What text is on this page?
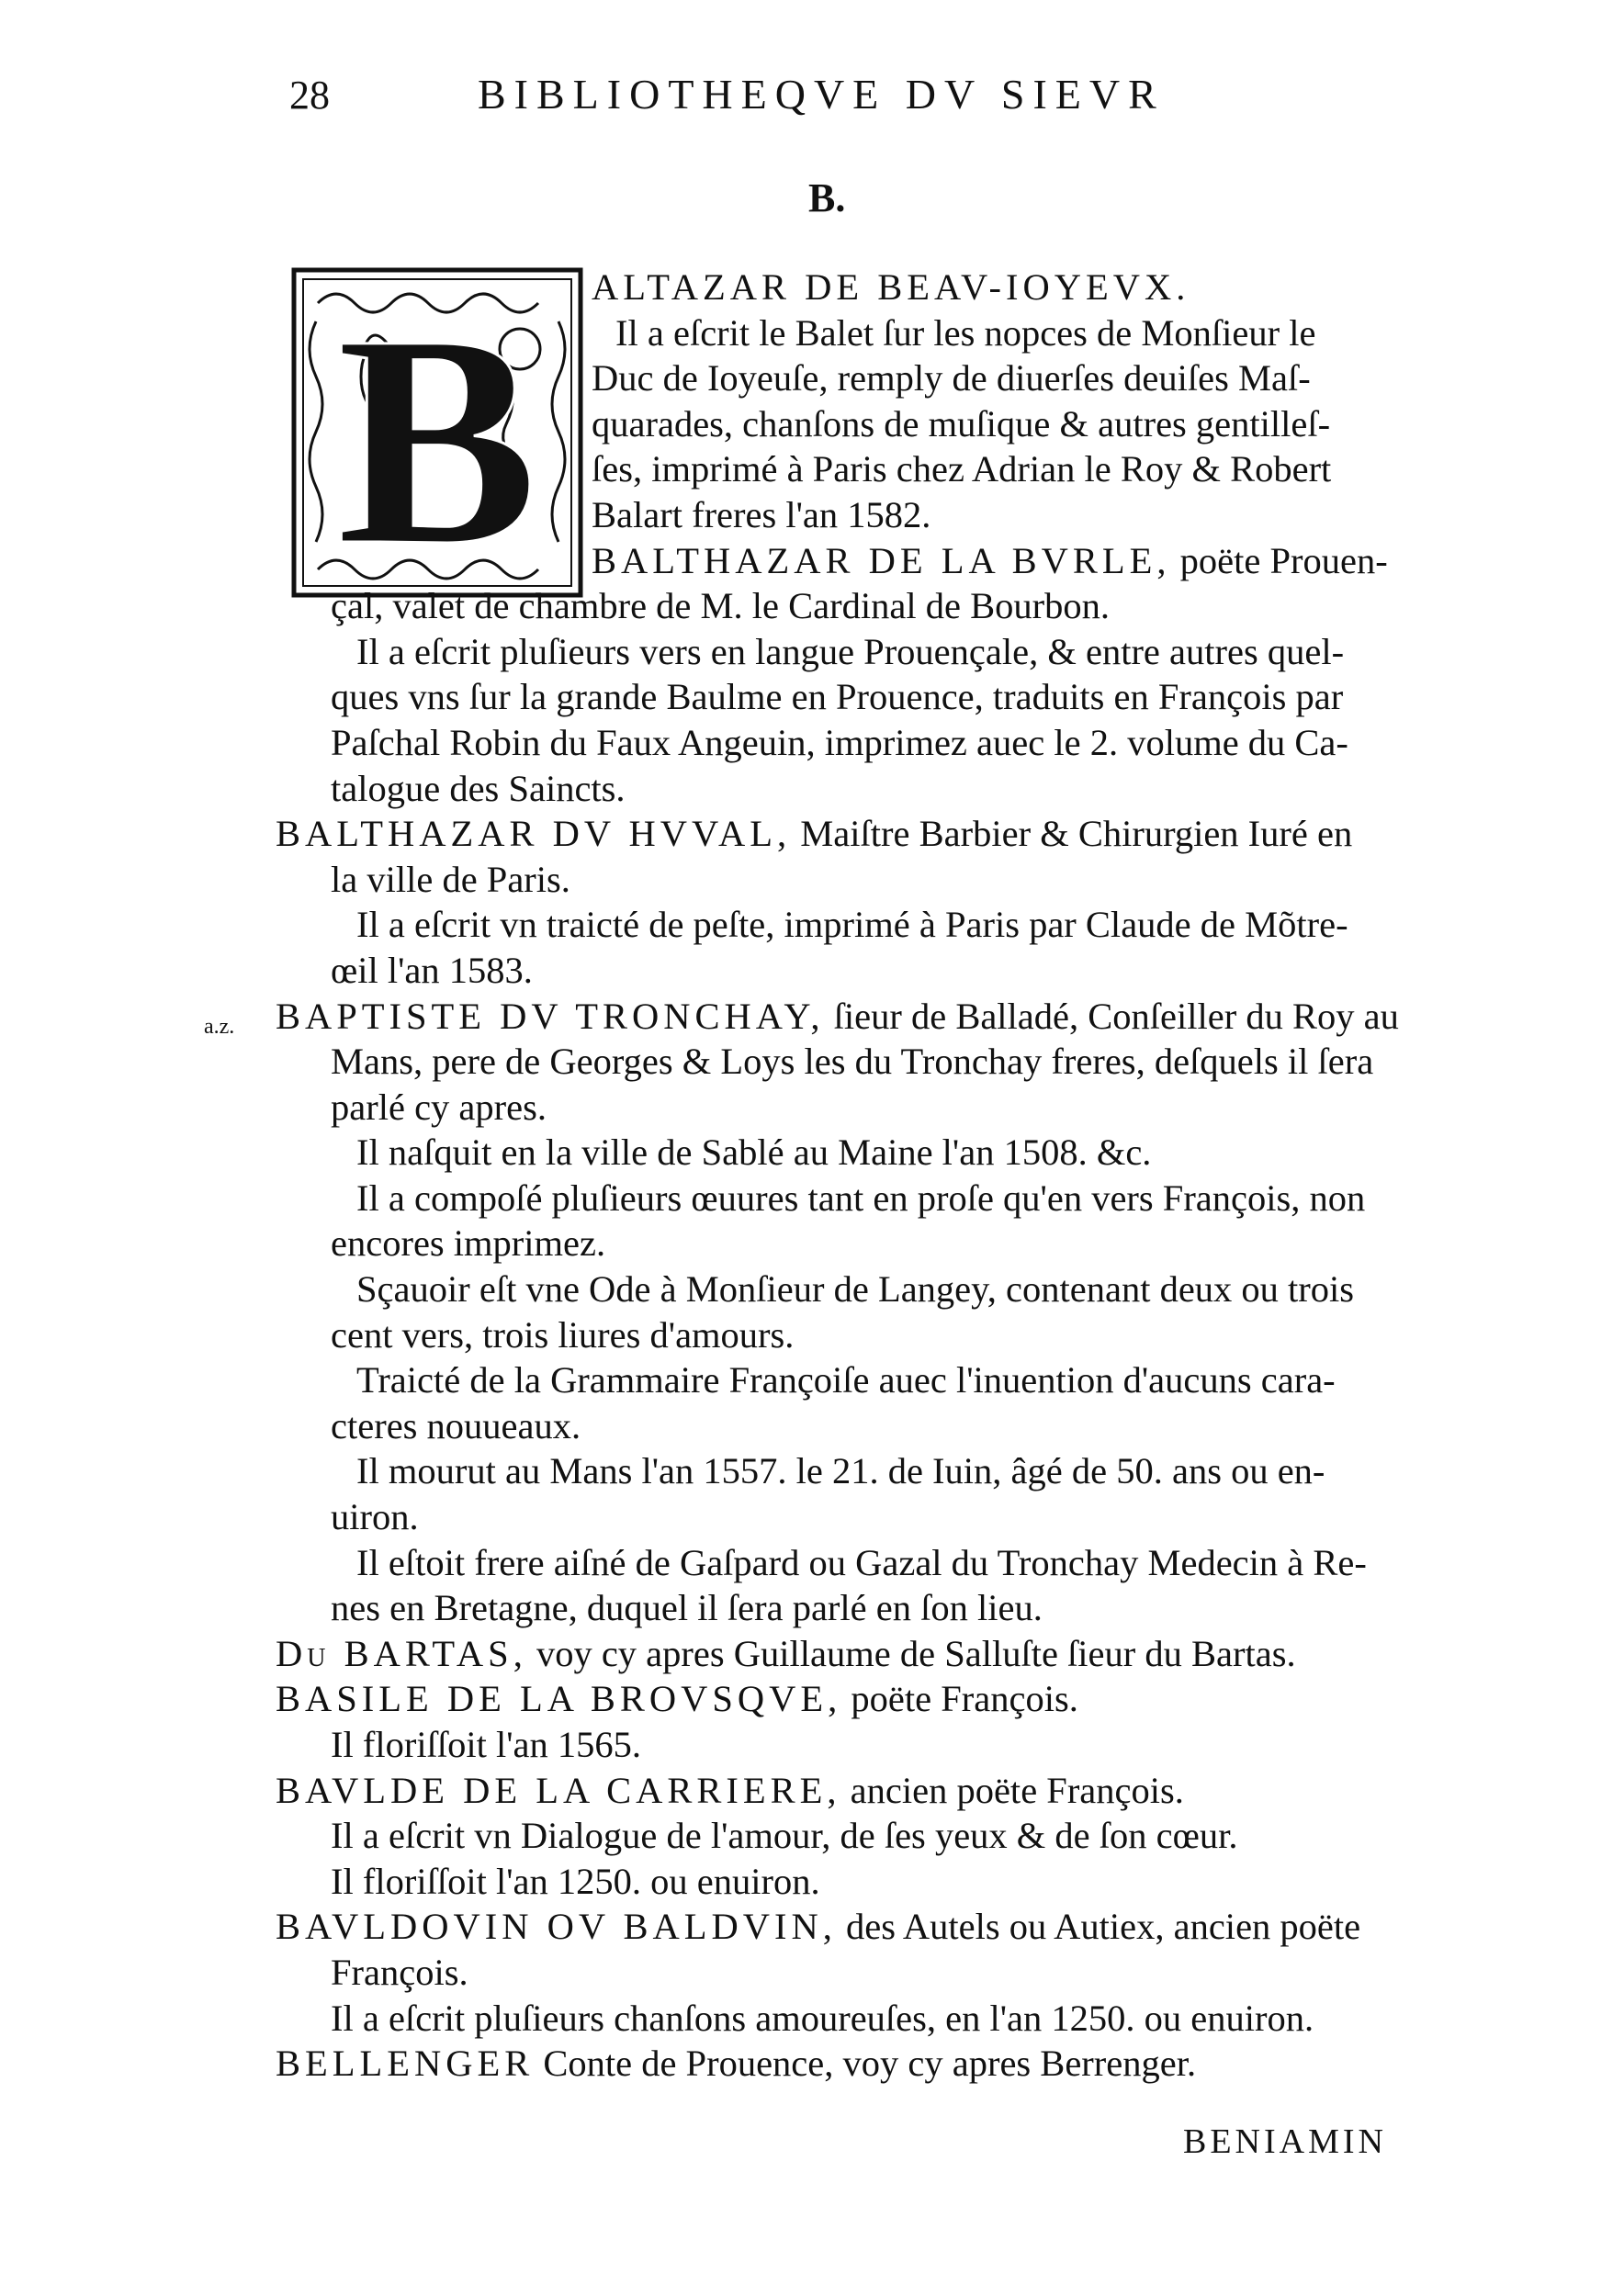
28	BIBLIOTHEQVE DV SIEVR
B.
B
a.z.
ALTAZAR DE BEAV-IOYEVX.
Il a eſcrit le Balet ſur les nopces de Monſieur le
Duc de Ioyeuſe, remply de diuerſes deuiſes Maſ-
quarades, chanſons de muſique & autres gentilleſ-
ſes, imprimé à Paris chez Adrian le Roy & Robert
Balart freres l'an 1582.
BALTHAZAR DE LA BVRLE, poëte Prouen-
çal, valet de chambre de M. le Cardinal de Bourbon.
Il a eſcrit pluſieurs vers en langue Prouençale, & entre autres quel-
ques vns ſur la grande Baulme en Prouence, traduits en François par
Paſchal Robin du Faux Angeuin, imprimez auec le 2. volume du Ca-
talogue des Saincts.
BALTHAZAR DV HVVAL, Maiſtre Barbier & Chirurgien Iuré en
la ville de Paris.
Il a eſcrit vn traicté de peſte, imprimé à Paris par Claude de Mõtre-
œil l'an 1583.
BAPTISTE DV TRONCHAY, ſieur de Balladé, Conſeiller du Roy au
Mans, pere de Georges & Loys les du Tronchay freres, deſquels il ſera
parlé cy apres.
Il naſquit en la ville de Sablé au Maine l'an 1508. &c.
Il a compoſé pluſieurs œuures tant en proſe qu'en vers François, non
encores imprimez.
Sçauoir eſt vne Ode à Monſieur de Langey, contenant deux ou trois
cent vers, trois liures d'amours.
Traicté de la Grammaire Françoiſe auec l'inuention d'aucuns cara-
cteres nouueaux.
Il mourut au Mans l'an 1557. le 21. de Iuin, âgé de 50. ans ou en-
uiron.
Il eſtoit frere aiſné de Gaſpard ou Gazal du Tronchay Medecin à Re-
nes en Bretagne, duquel il ſera parlé en ſon lieu.
Du BARTAS, voy cy apres Guillaume de Salluſte ſieur du Bartas.
BASILE DE LA BROVSQVE, poëte François.
Il floriſſoit l'an 1565.
BAVLDE DE LA CARRIERE, ancien poëte François.
Il a eſcrit vn Dialogue de l'amour, de ſes yeux & de ſon cœur.
Il floriſſoit l'an 1250. ou enuiron.
BAVLDOVIN OV BALDVIN, des Autels ou Autiex, ancien poëte
François.
Il a eſcrit pluſieurs chanſons amoureuſes, en l'an 1250. ou enuiron.
BELLENGER Conte de Prouence, voy cy apres Berrenger.
BENIAMIN
